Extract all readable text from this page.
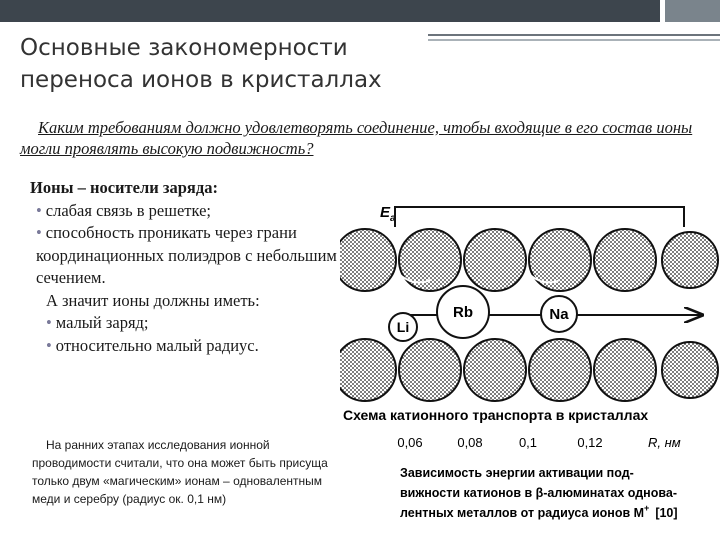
Основные закономерности
переноса ионов в кристаллах

Каким требованиям должно удовлетворять соединение, чтобы входящие в его состав ионы могли проявлять высокую подвижность?

Ионы – носители заряда:
• слабая связь в решетке;
• способность проникать через грани координационных полиэдров с небольшим сечением.
А значит ионы должны иметь:
• малый заряд;
• относительно малый радиус.

На ранних этапах исследования ионной проводимости считали, что она может быть присуща только двум «магическим» ионам – одновалентным меди и серебру (радиус ок. 0,1 нм)

$E_a$
Li
Rb	Na
Схема катионного транспорта в кристаллах
0,06	0,08	0,1	0,12	R, нм
Зависимость энергии активации под-
вижности катионов в β-алюминатах однова-
лентных металлов от радиуса ионов M+ [10]
